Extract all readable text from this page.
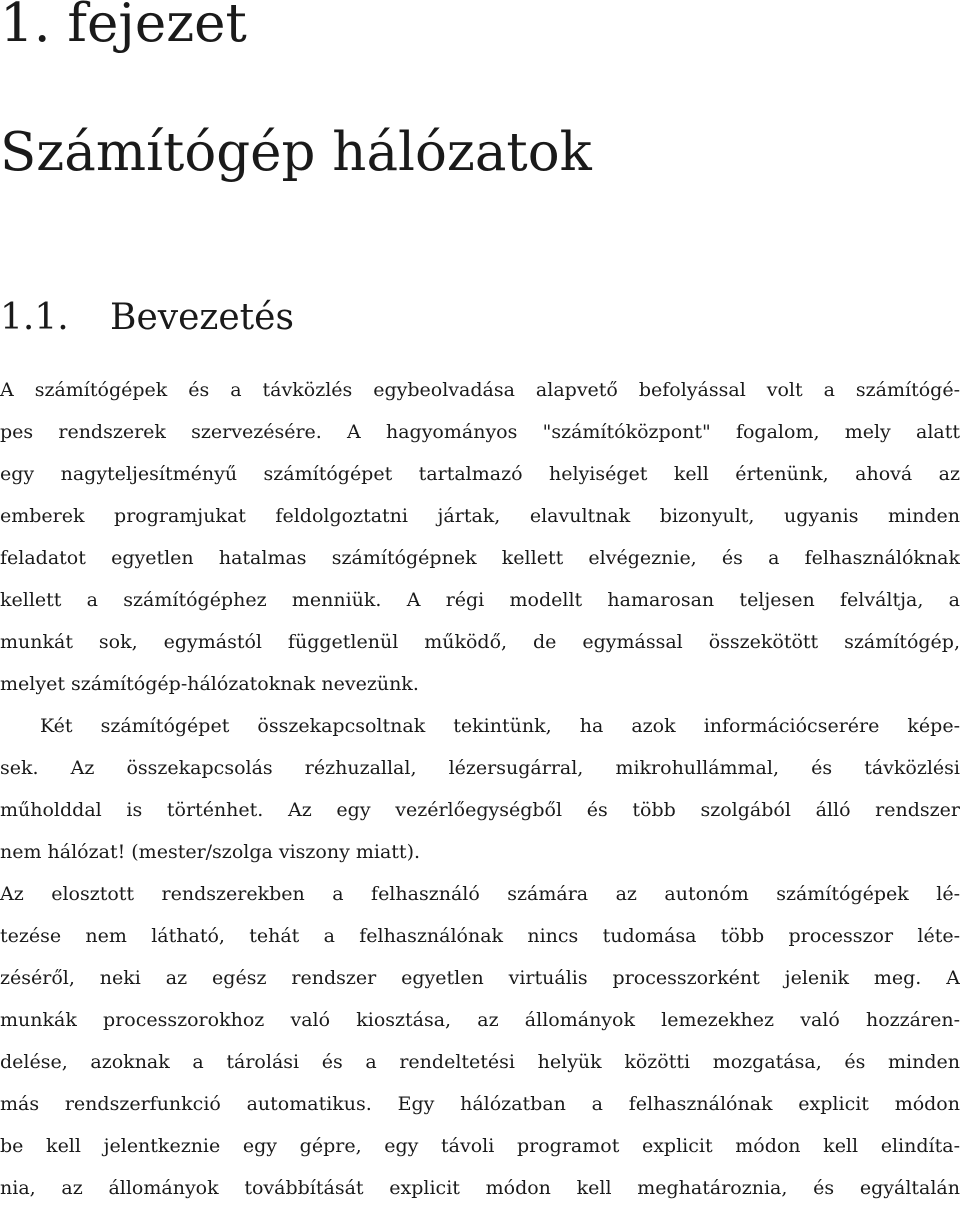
1. fejezet
Számítógép hálózatok
1.1. Bevezetés
A számítógépek és a távközlés egybeolvadása alapvető befolyással volt a számítógé-
pes rendszerek szervezésére. A hagyományos "számítóközpont" fogalom, mely alatt
egy nagyteljesítményű számítógépet tartalmazó helyiséget kell értenünk, ahová az
emberek programjukat feldolgoztatni jártak, elavultnak bizonyult, ugyanis minden
feladatot egyetlen hatalmas számítógépnek kellett elvégeznie, és a felhasználóknak
kellett a számítógéphez menniük. A régi modellt hamarosan teljesen felváltja, a
munkát sok, egymástól függetlenül működő, de egymással összekötött számítógép,
melyet számítógép-hálózatoknak nevezünk.
Két számítógépet összekapcsoltnak tekintünk, ha azok információcserére képe-
sek. Az összekapcsolás rézhuzallal, lézersugárral, mikrohullámmal, és távközlési
műholddal is történhet. Az egy vezérlőegységből és több szolgából álló rendszer
nem hálózat! (mester/szolga viszony miatt).
Az elosztott rendszerekben a felhasználó számára az autonóm számítógépek lé-
tezése nem látható, tehát a felhasználónak nincs tudomása több processzor léte-
zéséről, neki az egész rendszer egyetlen virtuális processzorként jelenik meg. A
munkák processzorokhoz való kiosztása, az állományok lemezekhez való hozzáren-
delése, azoknak a tárolási és a rendeltetési helyük közötti mozgatása, és minden
más rendszerfunkció automatikus. Egy hálózatban a felhasználónak explicit módon
be kell jelentkeznie egy gépre, egy távoli programot explicit módon kell elindíta-
nia, az állományok továbbítását explicit módon kell meghatároznia, és egyáltalán
